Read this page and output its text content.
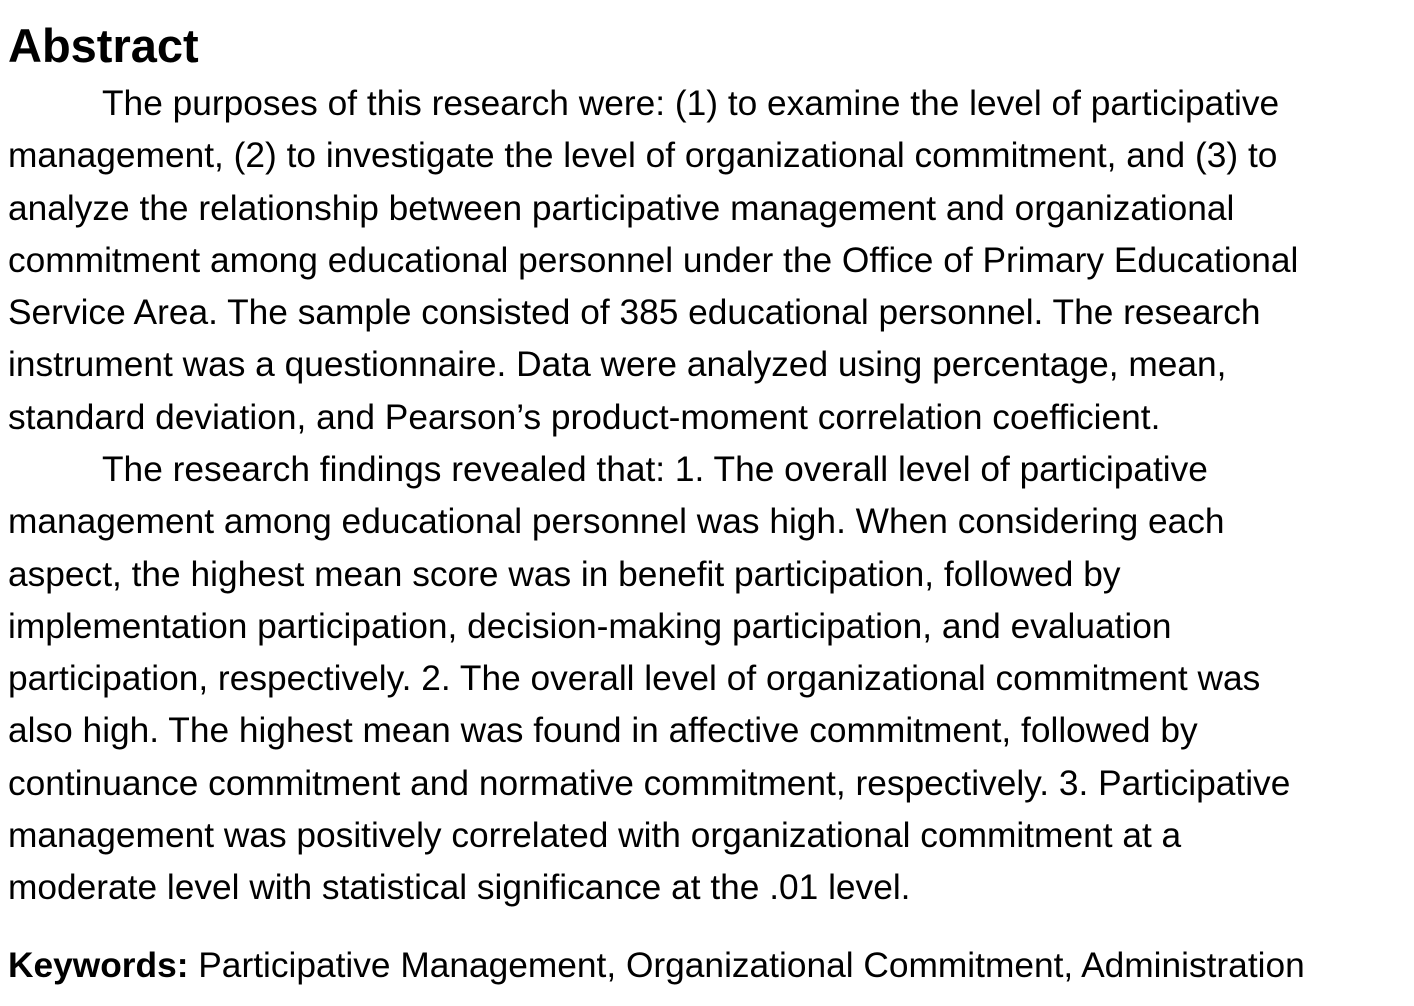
Abstract

The purposes of this research were: (1) to examine the level of participative
management, (2) to investigate the level of organizational commitment, and (3) to
analyze the relationship between participative management and organizational
commitment among educational personnel under the Office of Primary Educational
Service Area. The sample consisted of 385 educational personnel. The research
instrument was a questionnaire. Data were analyzed using percentage, mean,
standard deviation, and Pearson’s product-moment correlation coefficient.

The research findings revealed that: 1. The overall level of participative
management among educational personnel was high. When considering each
aspect, the highest mean score was in benefit participation, followed by
implementation participation, decision-making participation, and evaluation
participation, respectively. 2. The overall level of organizational commitment was
also high. The highest mean was found in affective commitment, followed by
continuance commitment and normative commitment, respectively. 3. Participative
management was positively correlated with organizational commitment at a
moderate level with statistical significance at the .01 level.

Keywords: Participative Management, Organizational Commitment, Administration
